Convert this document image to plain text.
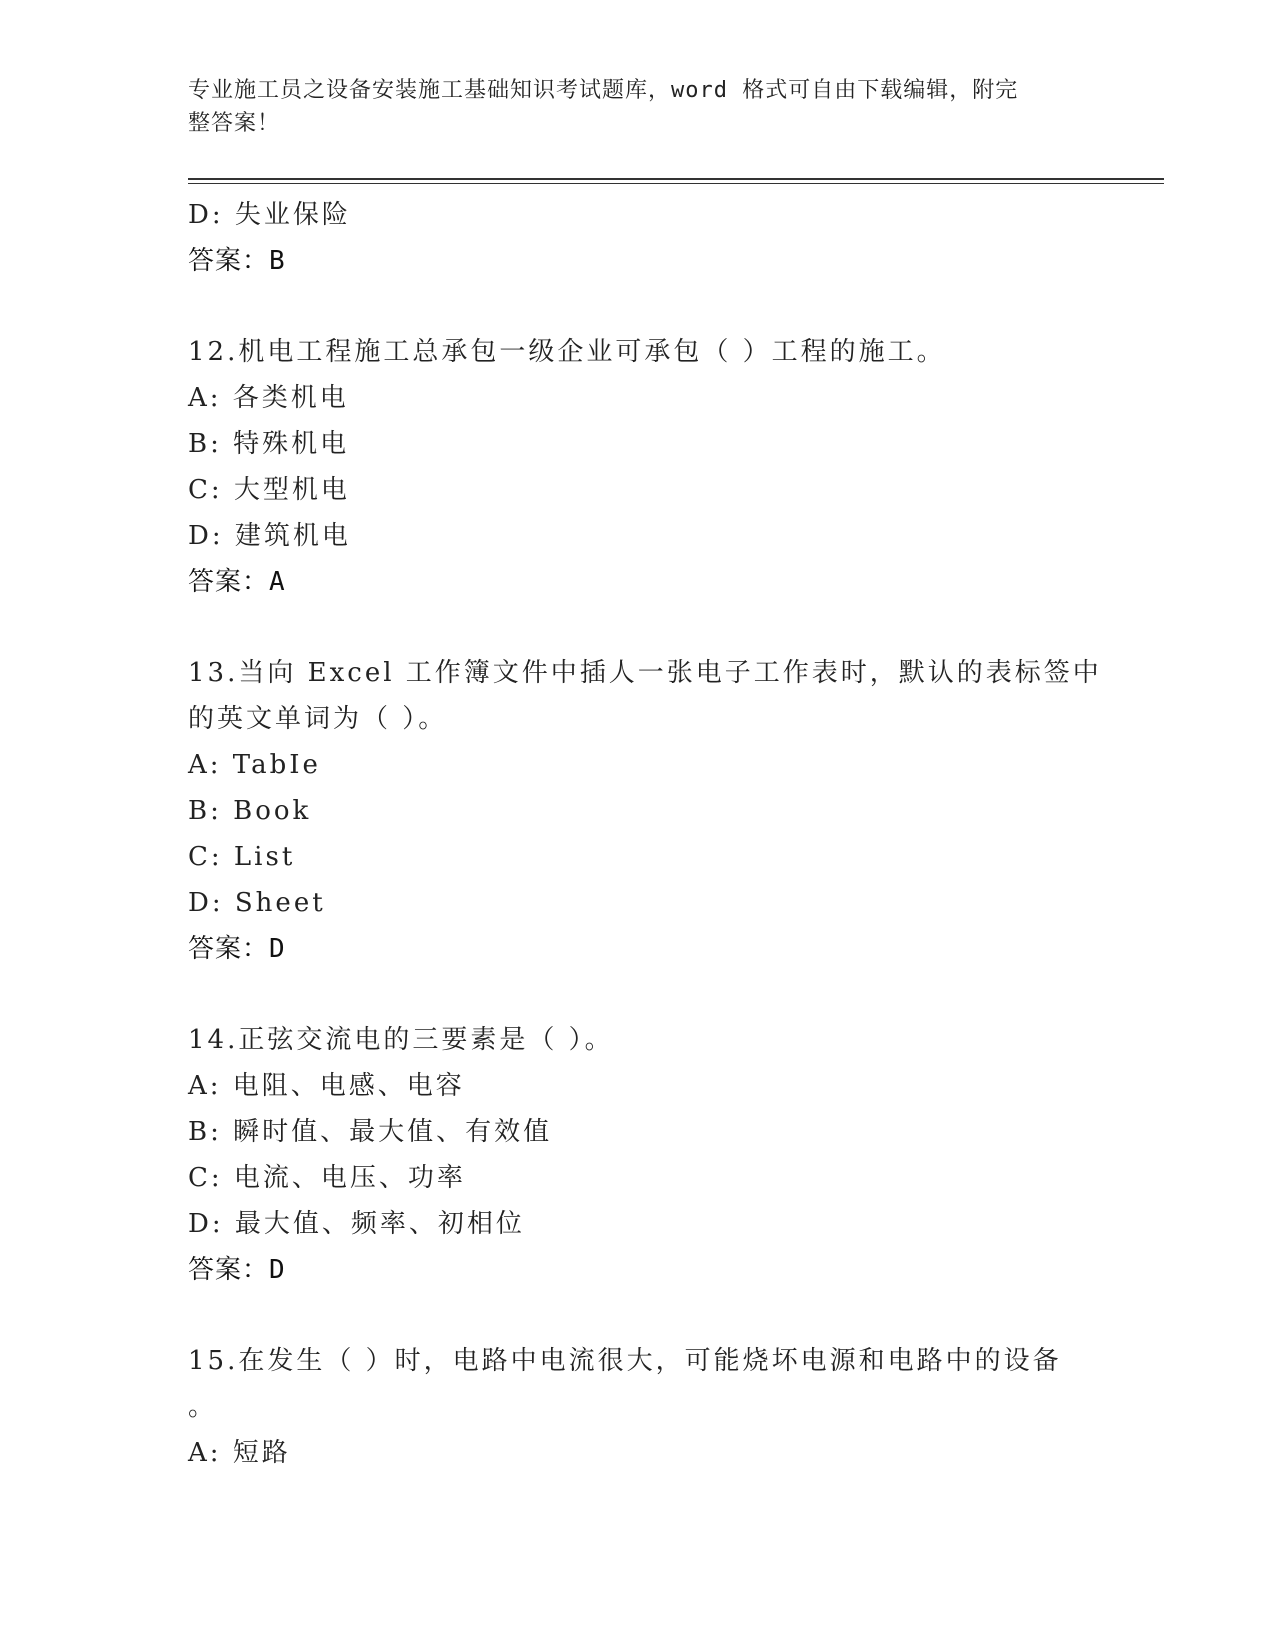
专业施工员之设备安装施工基础知识考试题库，word 格式可自由下载编辑，附完
整答案！
D: 失业保险
答案：B
12.机电工程施工总承包一级企业可承包（ ）工程的施工。
A: 各类机电
B: 特殊机电
C: 大型机电
D: 建筑机电
答案：A
13.当向 Excel 工作簿文件中插人一张电子工作表时，默认的表标签中
的英文单词为（ ）。
A: TabIe
B: Book
C: List
D: Sheet
答案：D
14.正弦交流电的三要素是（ ）。
A: 电阻、电感、电容
B: 瞬时值、最大值、有效值
C: 电流、电压、功率
D: 最大值、频率、初相位
答案：D
15.在发生（ ）时，电路中电流很大，可能烧坏电源和电路中的设备
。
A: 短路
